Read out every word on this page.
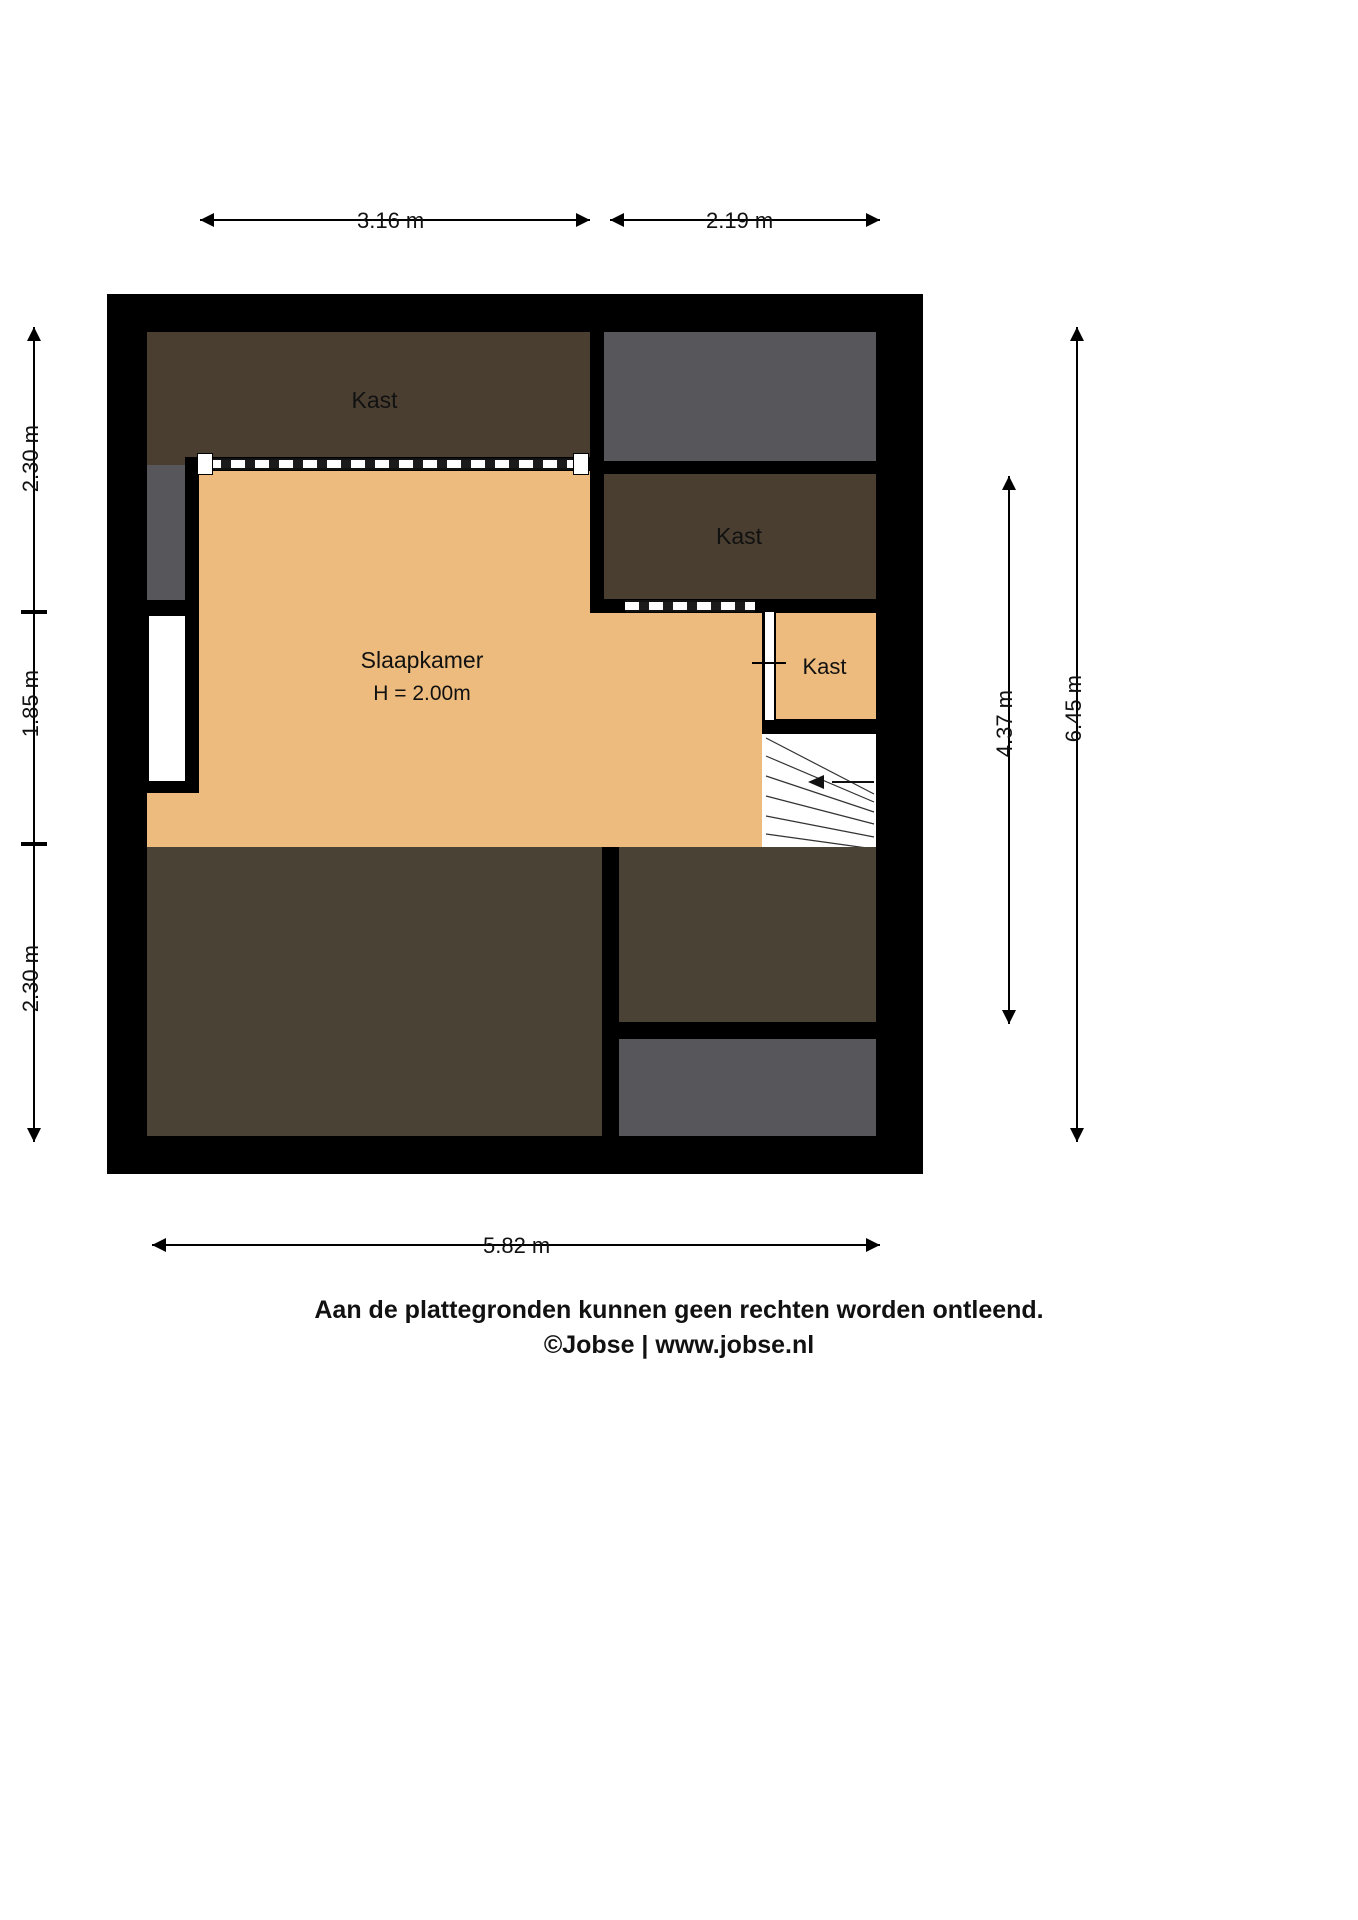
3.16 m	2.19 m
2.30 m
1.85 m
2.30 m
4.37 m 6.45 m
5.82 m
Kast
Kast
Slaapkamer
H = 2.00m
Kast
Aan de plattegronden kunnen geen rechten worden ontleend.
©Jobse | www.jobse.nl
